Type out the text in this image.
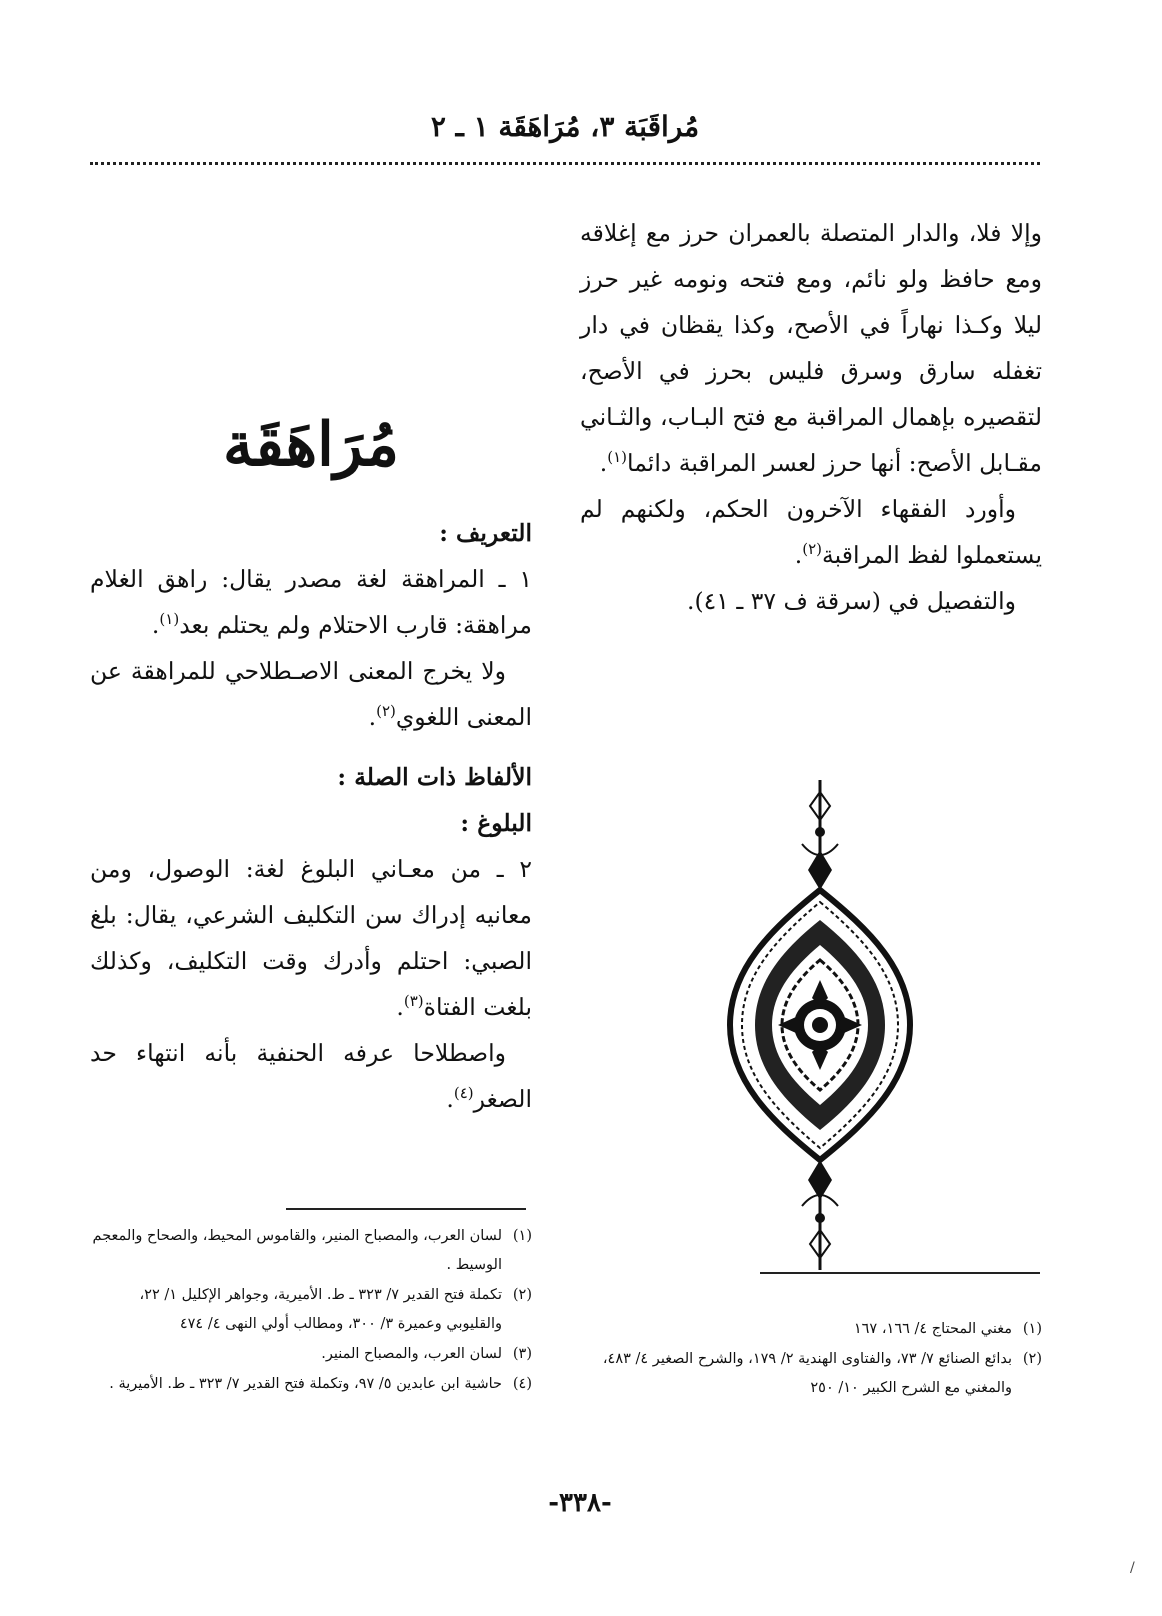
مُراقَبَة ٣، مُرَاهَقَة ١ ـ ٢

وإلا فلا، والدار المتصلة بالعمران حرز مع إغلاقه ومع حافظ ولو نائم، ومع فتحه ونومه غير حرز ليلا وكـذا نهاراً في الأصح، وكذا يقظان في دار تغفله سارق وسرق فليس بحرز في الأصح، لتقصيره بإهمال المراقبة مع فتح البـاب، والثـاني مقـابل الأصح: أنها حرز لعسر المراقبة دائما$^{(١)}$.

وأورد الفقهاء الآخرون الحكم، ولكنهم لم يستعملوا لفظ المراقبة$^{(٢)}$.

والتفصيل في (سرقة ف ٣٧ ـ ٤١).

(١)مغني المحتاج ٤/ ١٦٦، ١٦٧

(٢)بدائع الصنائع ٧/ ٧٣، والفتاوى الهندية ٢/ ١٧٩، والشرح الصغير ٤/ ٤٨٣، والمغني مع الشرح الكبير ١٠/ ٢٥٠

مُرَاهَقَة

التعريف :

١ ـ المراهقة لغة مصدر يقال: راهق الغلام مراهقة: قارب الاحتلام ولم يحتلم بعد$^{(١)}$.

ولا يخرج المعنى الاصـطلاحي للمراهقة عن المعنى اللغوي$^{(٢)}$.

الألفاظ ذات الصلة :

البلوغ :

٢ ـ من معـاني البلوغ لغة: الوصول، ومن معانيه إدراك سن التكليف الشرعي، يقال: بلغ الصبي: احتلم وأدرك وقت التكليف، وكذلك بلغت الفتاة$^{(٣)}$.

واصطلاحا عرفه الحنفية بأنه انتهاء حد الصغر$^{(٤)}$.

(١)لسان العرب، والمصباح المنير، والقاموس المحيط، والصحاح والمعجم الوسيط .

(٢)تكملة فتح القدير ٧/ ٣٢٣ ـ ط. الأميرية، وجواهر الإكليل ١/ ٢٢، والقليوبي وعميرة ٣/ ٣٠٠، ومطالب أولي النهى ٤/ ٤٧٤

(٣)لسان العرب، والمصباح المنير.

(٤)حاشية ابن عابدين ٥/ ٩٧، وتكملة فتح القدير ٧/ ٣٢٣ ـ ط. الأميرية .

-٣٣٨-
/
